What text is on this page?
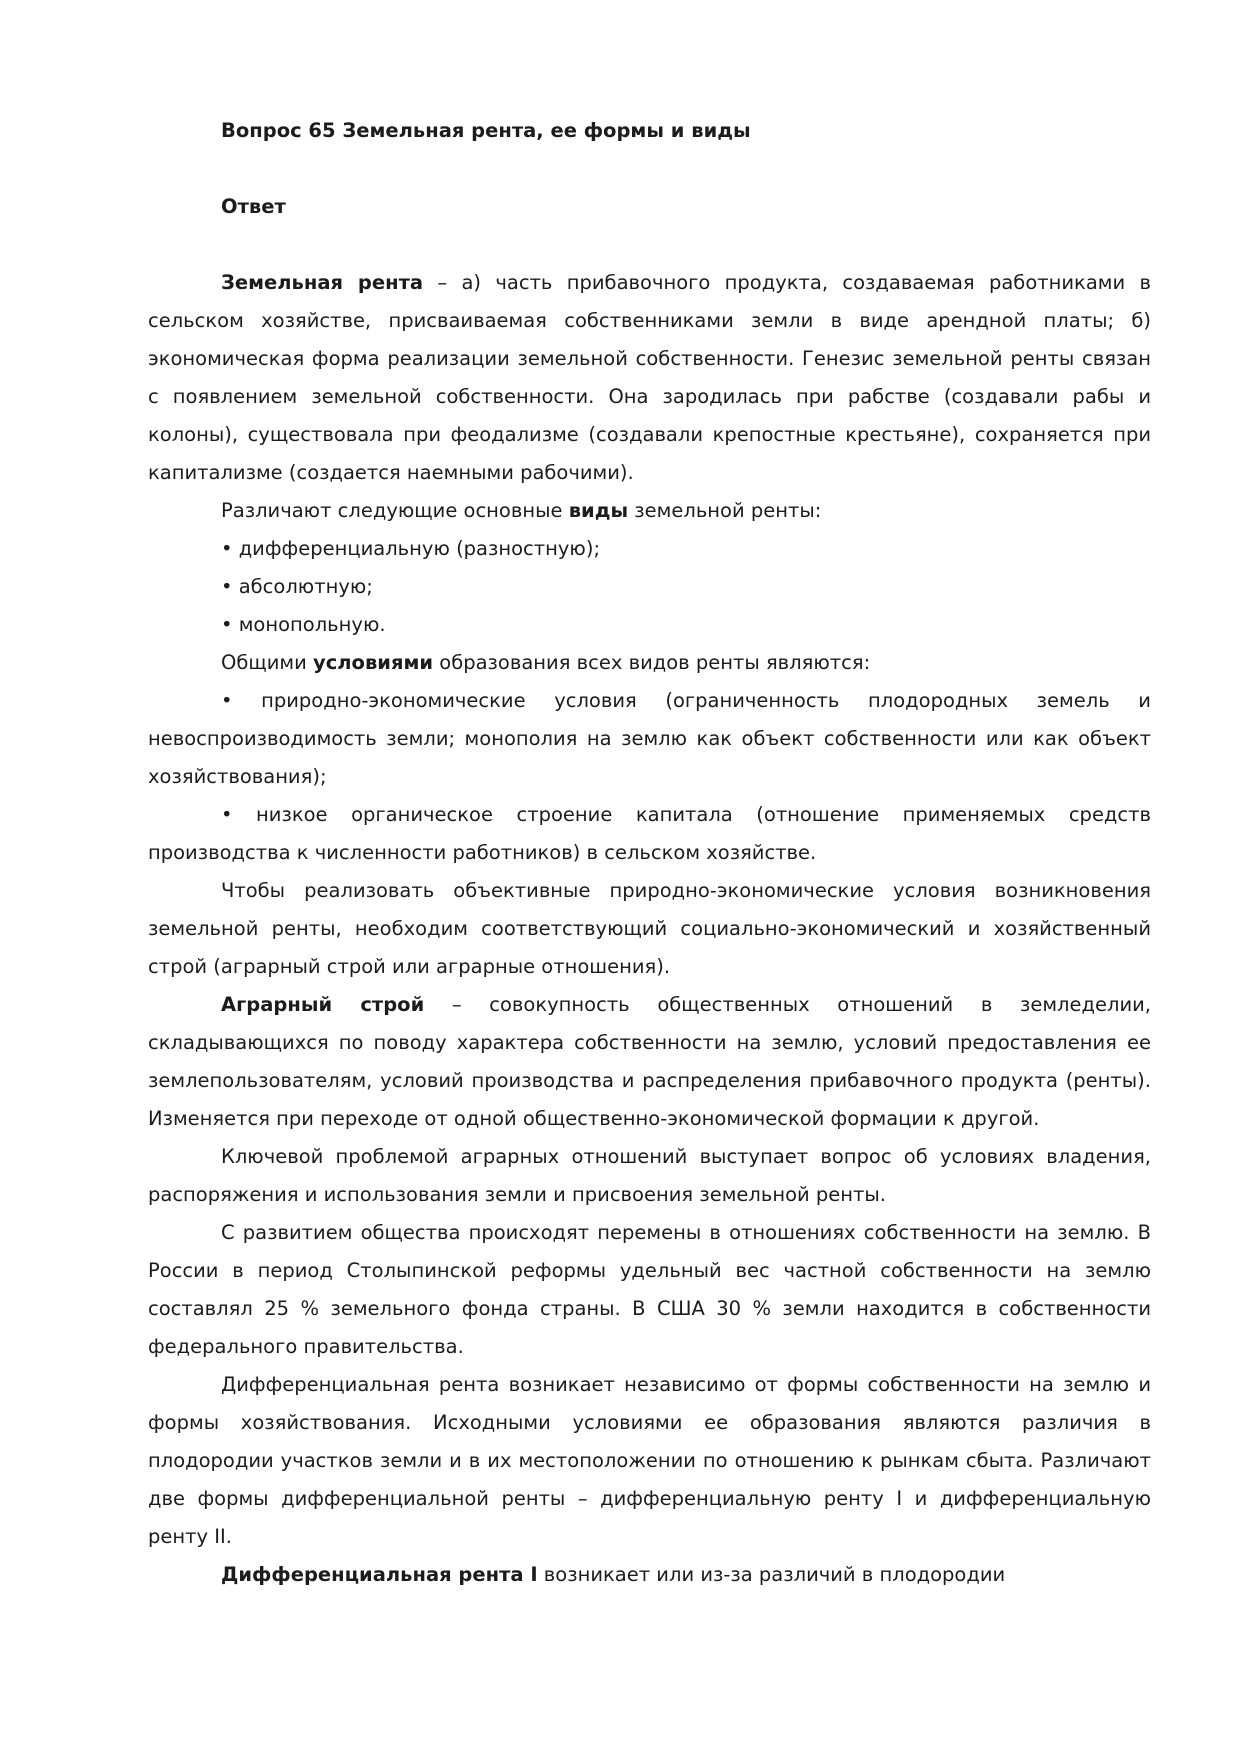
Вопрос 65 Земельная рента, ее формы и виды
Ответ

Земельная рента – а) часть прибавочного продукта, создаваемая работниками в сельском хозяйстве, присваиваемая собственниками земли в виде арендной платы; б) экономическая форма реализации земельной собственности. Генезис земельной ренты связан с появлением земельной собственности. Она зародилась при рабстве (создавали рабы и колоны), существовала при феодализме (создавали крепостные крестьяне), сохраняется при капитализме (создается наемными рабочими).

Различают следующие основные виды земельной ренты:

• дифференциальную (разностную);

• абсолютную;

• монопольную.

Общими условиями образования всех видов ренты являются:

• природно-экономические условия (ограниченность плодородных земель и невоспроизводимость земли; монополия на землю как объект собственности или как объект хозяйствования);

• низкое органическое строение капитала (отношение применяемых средств производства к численности работников) в сельском хозяйстве.

Чтобы реализовать объективные природно-экономические условия возникновения земельной ренты, необходим соответствующий социально-экономический и хозяйственный строй (аграрный строй или аграрные отношения).

Аграрный строй – совокупность общественных отношений в земледелии, складывающихся по поводу характера собственности на землю, условий предоставления ее землепользователям, условий производства и распределения прибавочного продукта (ренты). Изменяется при переходе от одной общественно-экономической формации к другой.

Ключевой проблемой аграрных отношений выступает вопрос об условиях владения, распоряжения и использования земли и присвоения земельной ренты.

С развитием общества происходят перемены в отношениях собственности на землю. В России в период Столыпинской реформы удельный вес частной собственности на землю составлял 25 % земельного фонда страны. В США 30 % земли находится в собственности федерального правительства.

Дифференциальная рента возникает независимо от формы собственности на землю и формы хозяйствования. Исходными условиями ее образования являются различия в плодородии участков земли и в их местоположении по отношению к рынкам сбыта. Различают две формы дифференциальной ренты – дифференциальную ренту I и дифференциальную ренту II.

Дифференциальная рента I возникает или из-за различий в плодородии
